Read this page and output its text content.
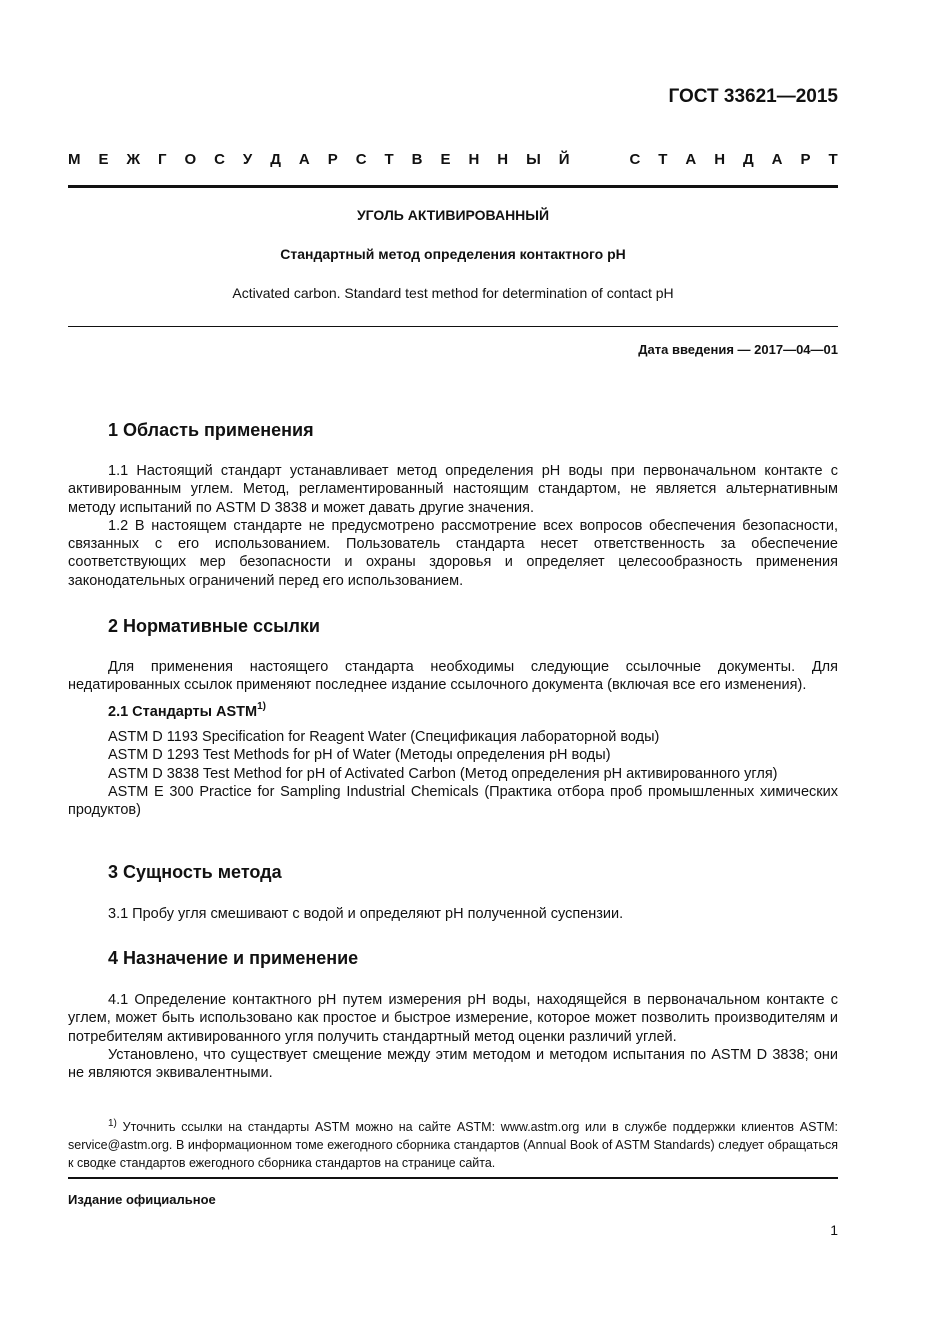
ГОСТ 33621—2015
М Е Ж Г О С У Д А Р С Т В Е Н Н Ы Й	С Т А Н Д А Р Т
УГОЛЬ АКТИВИРОВАННЫЙ
Стандартный метод определения контактного pH
Activated carbon. Standard test method for determination of contact pH
Дата введения — 2017—04—01
1 Область применения

1.1 Настоящий стандарт устанавливает метод определения pH воды при первоначальном контакте с активированным углем. Метод, регламентированный настоящим стандартом, не является альтернативным методу испытаний по ASTM D 3838 и может давать другие значения.

1.2 В настоящем стандарте не предусмотрено рассмотрение всех вопросов обеспечения безопасности, связанных с его использованием. Пользователь стандарта несет ответственность за обеспечение соответствующих мер безопасности и охраны здоровья и определяет целесообразность применения законодательных ограничений перед его использованием.

2 Нормативные ссылки

Для применения настоящего стандарта необходимы следующие ссылочные документы. Для недатированных ссылок применяют последнее издание ссылочного документа (включая все его изменения).

2.1 Стандарты ASTM$^{1)}$

ASTM D 1193 Specification for Reagent Water (Спецификация лабораторной воды)

ASTM D 1293 Test Methods for pH of Water (Методы определения pH воды)

ASTM D 3838 Test Method for pH of Activated Carbon (Метод определения pH активированного угля)

ASTM E 300 Practice for Sampling Industrial Chemicals (Практика отбора проб промышленных химических продуктов)

3 Сущность метода

3.1 Пробу угля смешивают с водой и определяют pH полученной суспензии.

4 Назначение и применение

4.1 Определение контактного pH путем измерения pH воды, находящейся в первоначальном контакте с углем, может быть использовано как простое и быстрое измерение, которое может позволить производителям и потребителям активированного угля получить стандартный метод оценки различий углей.

Установлено, что существует смещение между этим методом и методом испытания по ASTM D 3838; они не являются эквивалентными.

$^{1)}$ Уточнить ссылки на стандарты ASTM можно на сайте ASTM: www.astm.org или в службе поддержки клиентов ASTM: service@astm.org. В информационном томе ежегодного сборника стандартов (Annual Book of ASTM Standards) следует обращаться к сводке стандартов ежегодного сборника стандартов на странице сайта.

Издание официальное
1
